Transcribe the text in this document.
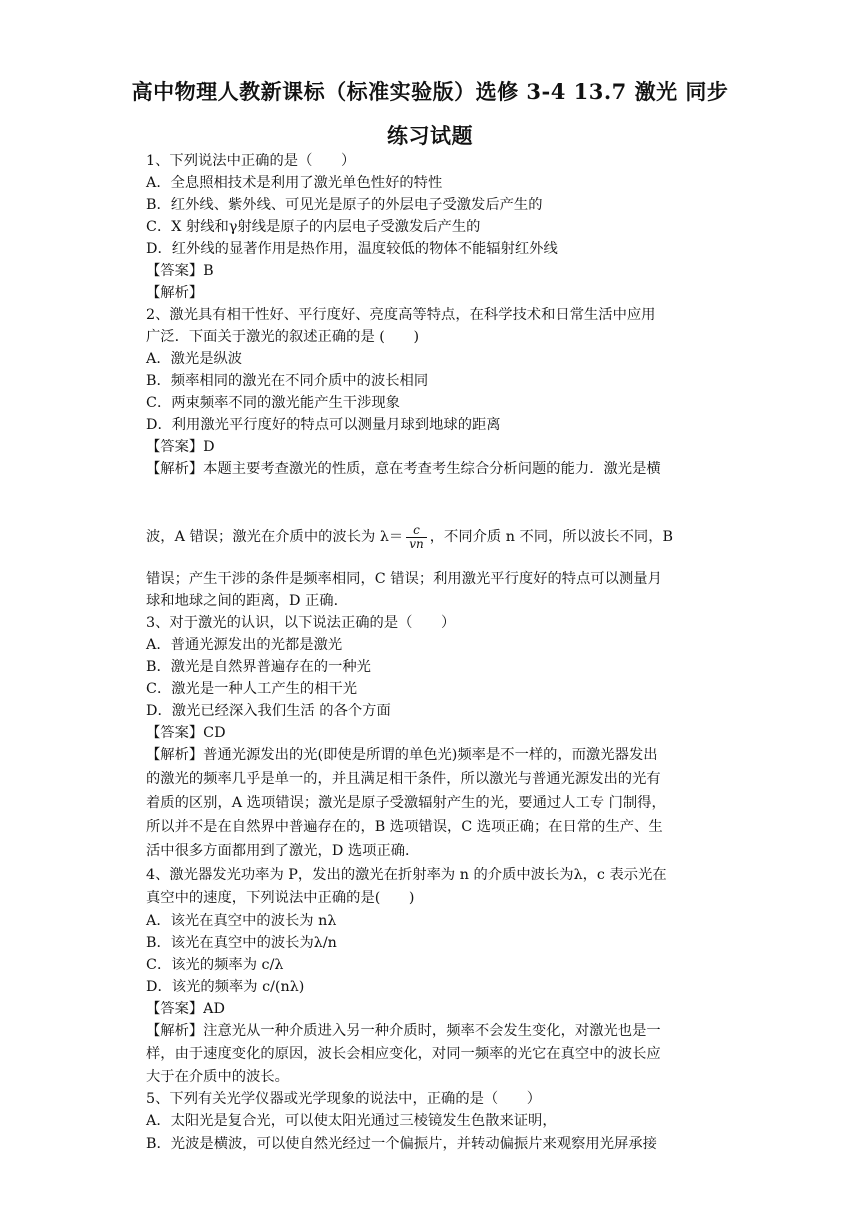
高中物理人教新课标（标准实验版）选修 3-4 13.7 激光 同步
练习试题
1、下列说法中正确的是（　　）
A．全息照相技术是利用了激光单色性好的特性
B．红外线、紫外线、可见光是原子的外层电子受激发后产生的
C．X 射线和γ射线是原子的内层电子受激发后产生的
D．红外线的显著作用是热作用，温度较低的物体不能辐射红外线
【答案】B
【解析】
2、激光具有相干性好、平行度好、亮度高等特点，在科学技术和日常生活中应用
广泛．下面关于激光的叙述正确的是 (　　)
A．激光是纵波
B．频率相同的激光在不同介质中的波长相同
C．两束频率不同的激光能产生干涉现象
D．利用激光平行度好的特点可以测量月球到地球的距离
【答案】D
【解析】本题主要考查激光的性质，意在考查考生综合分析问题的能力．激光是横
波，A 错误；激光在介质中的波长为 $\lambda= \frac{c}{vn}$ ，不同介质 n 不同，所以波长不同，B
错误；产生干涉的条件是频率相同，C 错误；利用激光平行度好的特点可以测量月
球和地球之间的距离，D 正确．
3、对于激光的认识，以下说法正确的是（　　）
A．普通光源发出的光都是激光
B．激光是自然界普遍存在的一种光
C．激光是一种人工产生的相干光
D．激光已经深入我们生活 的各个方面
【答案】CD
【解析】普通光源发出的光(即使是所谓的单色光)频率是不一样的，而激光器发出
的激光的频率几乎是单一的，并且满足相干条件，所以激光与普通光源发出的光有
着质的区别，A 选项错误；激光是原子受激辐射产生的光，要通过人工专 门制得，
所以并不是在自然界中普遍存在的，B 选项错误，C 选项正确；在日常的生产、生
活中很多方面都用到了激光，D 选项正确．
4、激光器发光功率为 P，发出的激光在折射率为 n 的介质中波长为λ，c 表示光在
真空中的速度，下列说法中正确的是(　　)
A．该光在真空中的波长为 nλ
B．该光在真空中的波长为λ/n
C．该光的频率为 c/λ
D．该光的频率为 c/(nλ)
【答案】AD
【解析】注意光从一种介质进入另一种介质时，频率不会发生变化，对激光也是一
样，由于速度变化的原因，波长会相应变化，对同一频率的光它在真空中的波长应
大于在介质中的波长。
5、下列有关光学仪器或光学现象的说法中，正确的是（　　）
A．太阳光是复合光，可以使太阳光通过三棱镜发生色散来证明，
B．光波是横波，可以使自然光经过一个偏振片，并转动偏振片来观察用光屏承接
